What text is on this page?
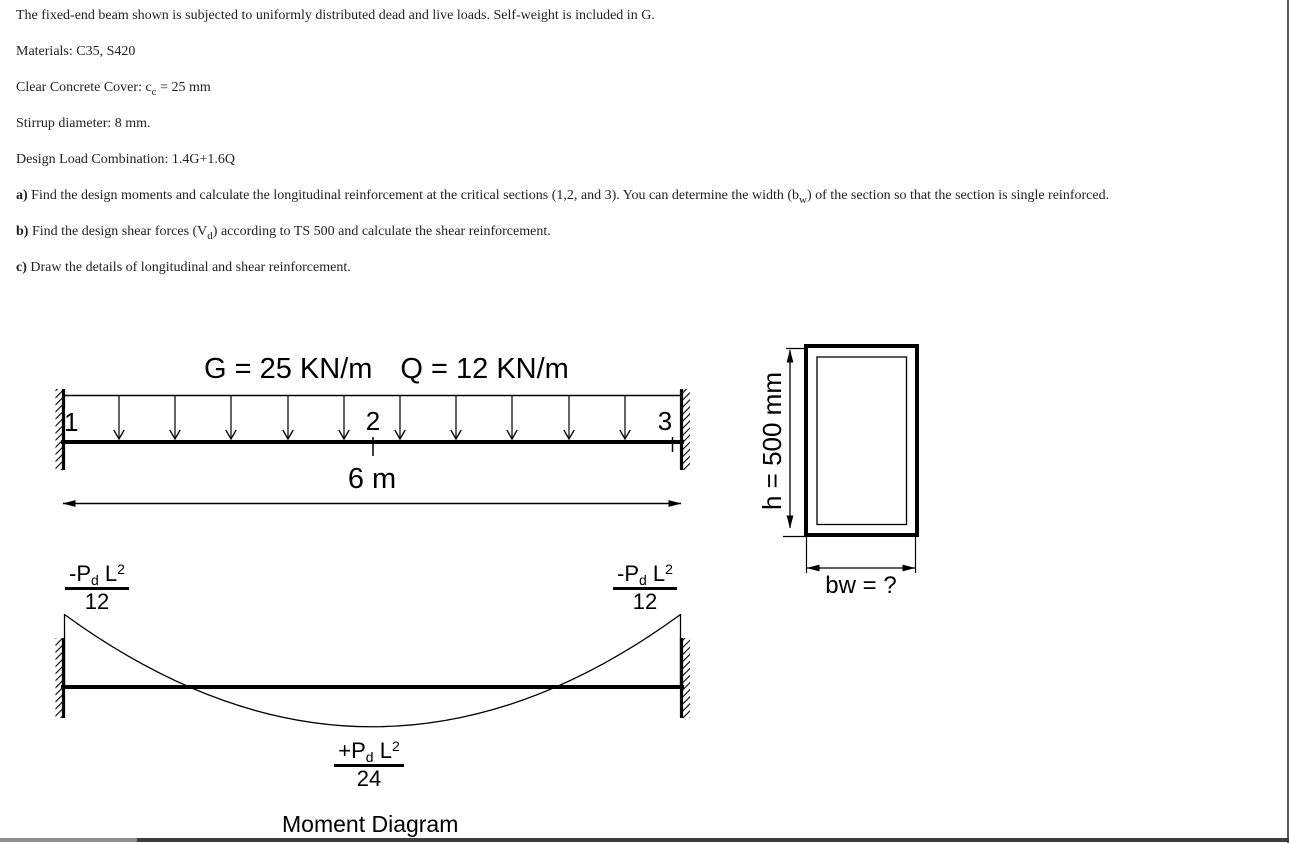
The fixed-end beam shown is subjected to uniformly distributed dead and live loads. Self-weight is included in G.

Materials: C35, S420

Clear Concrete Cover: $c_c = 25$ mm

Stirrup diameter: 8 mm.

Design Load Combination: 1.4G+1.6Q

a) Find the design moments and calculate the longitudinal reinforcement at the critical sections (1,2, and 3). You can determine the width $(b_w)$ of the section so that the section is single reinforced.

b) Find the design shear forces $(V_d)$ according to TS 500 and calculate the shear reinforcement.

c) Draw the details of longitudinal and shear reinforcement.

G = 25 KN/m Q = 12 KN/m
1	2	3
6 m	h = 500 mm
bw = ?
$\frac{-P_d L^2}{12}$	$\frac{-P_d L^2}{12}$
$\frac{+P_d L^2}{24}$
Moment Diagram
